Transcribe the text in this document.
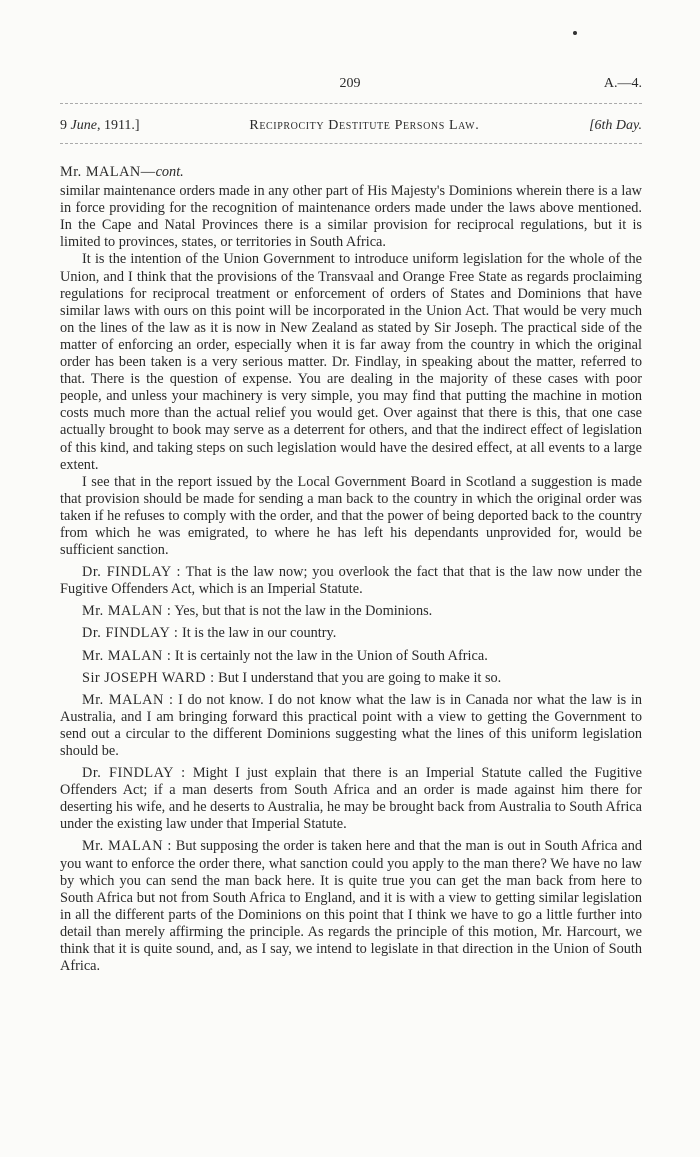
209	A.—4.
9 June, 1911.]	Reciprocity Destitute Persons Law.	[6th Day.

Mr. MALAN—cont.

similar maintenance orders made in any other part of His Majesty's Dominions wherein there is a law in force providing for the recognition of maintenance orders made under the laws above mentioned. In the Cape and Natal Provinces there is a similar provision for reciprocal regulations, but it is limited to provinces, states, or territories in South Africa.

It is the intention of the Union Government to introduce uniform legislation for the whole of the Union, and I think that the provisions of the Transvaal and Orange Free State as regards proclaiming regulations for reciprocal treatment or enforcement of orders of States and Dominions that have similar laws with ours on this point will be incorporated in the Union Act. That would be very much on the lines of the law as it is now in New Zealand as stated by Sir Joseph. The practical side of the matter of enforcing an order, especially when it is far away from the country in which the original order has been taken is a very serious matter. Dr. Findlay, in speaking about the matter, referred to that. There is the question of expense. You are dealing in the majority of these cases with poor people, and unless your machinery is very simple, you may find that putting the machine in motion costs much more than the actual relief you would get. Over against that there is this, that one case actually brought to book may serve as a deterrent for others, and that the indirect effect of legislation of this kind, and taking steps on such legislation would have the desired effect, at all events to a large extent.

I see that in the report issued by the Local Government Board in Scotland a suggestion is made that provision should be made for sending a man back to the country in which the original order was taken if he refuses to comply with the order, and that the power of being deported back to the country from which he was emigrated, to where he has left his dependants unprovided for, would be sufficient sanction.

Dr. FINDLAY : That is the law now; you overlook the fact that that is the law now under the Fugitive Offenders Act, which is an Imperial Statute.

Mr. MALAN : Yes, but that is not the law in the Dominions.

Dr. FINDLAY : It is the law in our country.

Mr. MALAN : It is certainly not the law in the Union of South Africa.

Sir JOSEPH WARD : But I understand that you are going to make it so.

Mr. MALAN : I do not know. I do not know what the law is in Canada nor what the law is in Australia, and I am bringing forward this practical point with a view to getting the Government to send out a circular to the different Dominions suggesting what the lines of this uniform legislation should be.

Dr. FINDLAY : Might I just explain that there is an Imperial Statute called the Fugitive Offenders Act; if a man deserts from South Africa and an order is made against him there for deserting his wife, and he deserts to Australia, he may be brought back from Australia to South Africa under the existing law under that Imperial Statute.

Mr. MALAN : But supposing the order is taken here and that the man is out in South Africa and you want to enforce the order there, what sanction could you apply to the man there? We have no law by which you can send the man back here. It is quite true you can get the man back from here to South Africa but not from South Africa to England, and it is with a view to getting similar legislation in all the different parts of the Dominions on this point that I think we have to go a little further into detail than merely affirming the principle. As regards the principle of this motion, Mr. Harcourt, we think that it is quite sound, and, as I say, we intend to legislate in that direction in the Union of South Africa.
